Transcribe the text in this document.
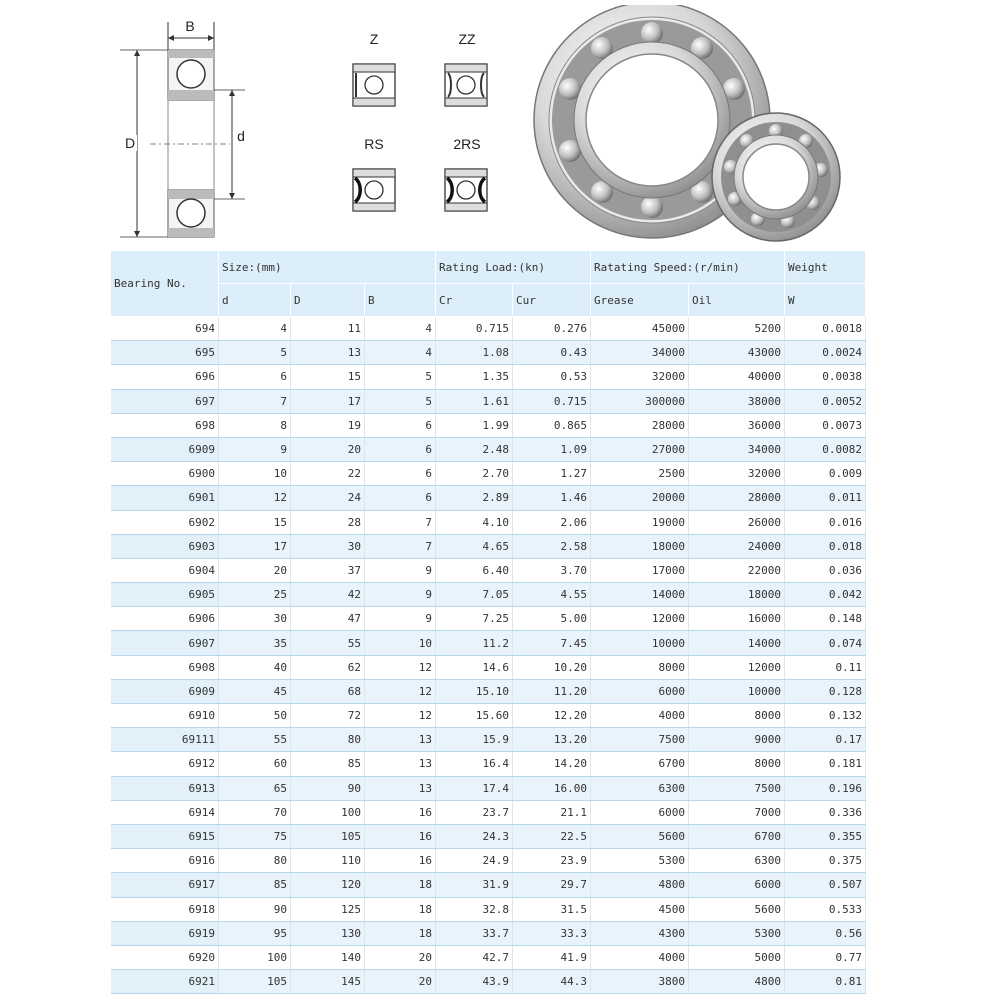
B
D	d
Z	ZZ
RS	2RS
Bearing No.	Size:(mm)			Rating Load:(kn)		Ratating Speed:(r/min)		Weight
	d	D	B	Cr	Cur	Grease	Oil	W
694	4	11	4	0.715	0.276	45000	5200	0.0018
695	5	13	4	1.08	0.43	34000	43000	0.0024
696	6	15	5	1.35	0.53	32000	40000	0.0038
697	7	17	5	1.61	0.715	300000	38000	0.0052
698	8	19	6	1.99	0.865	28000	36000	0.0073
6909	9	20	6	2.48	1.09	27000	34000	0.0082
6900	10	22	6	2.70	1.27	2500	32000	0.009
6901	12	24	6	2.89	1.46	20000	28000	0.011
6902	15	28	7	4.10	2.06	19000	26000	0.016
6903	17	30	7	4.65	2.58	18000	24000	0.018
6904	20	37	9	6.40	3.70	17000	22000	0.036
6905	25	42	9	7.05	4.55	14000	18000	0.042
6906	30	47	9	7.25	5.00	12000	16000	0.148
6907	35	55	10	11.2	7.45	10000	14000	0.074
6908	40	62	12	14.6	10.20	8000	12000	0.11
6909	45	68	12	15.10	11.20	6000	10000	0.128
6910	50	72	12	15.60	12.20	4000	8000	0.132
69111	55	80	13	15.9	13.20	7500	9000	0.17
6912	60	85	13	16.4	14.20	6700	8000	0.181
6913	65	90	13	17.4	16.00	6300	7500	0.196
6914	70	100	16	23.7	21.1	6000	7000	0.336
6915	75	105	16	24.3	22.5	5600	6700	0.355
6916	80	110	16	24.9	23.9	5300	6300	0.375
6917	85	120	18	31.9	29.7	4800	6000	0.507
6918	90	125	18	32.8	31.5	4500	5600	0.533
6919	95	130	18	33.7	33.3	4300	5300	0.56
6920	100	140	20	42.7	41.9	4000	5000	0.77
6921	105	145	20	43.9	44.3	3800	4800	0.81
